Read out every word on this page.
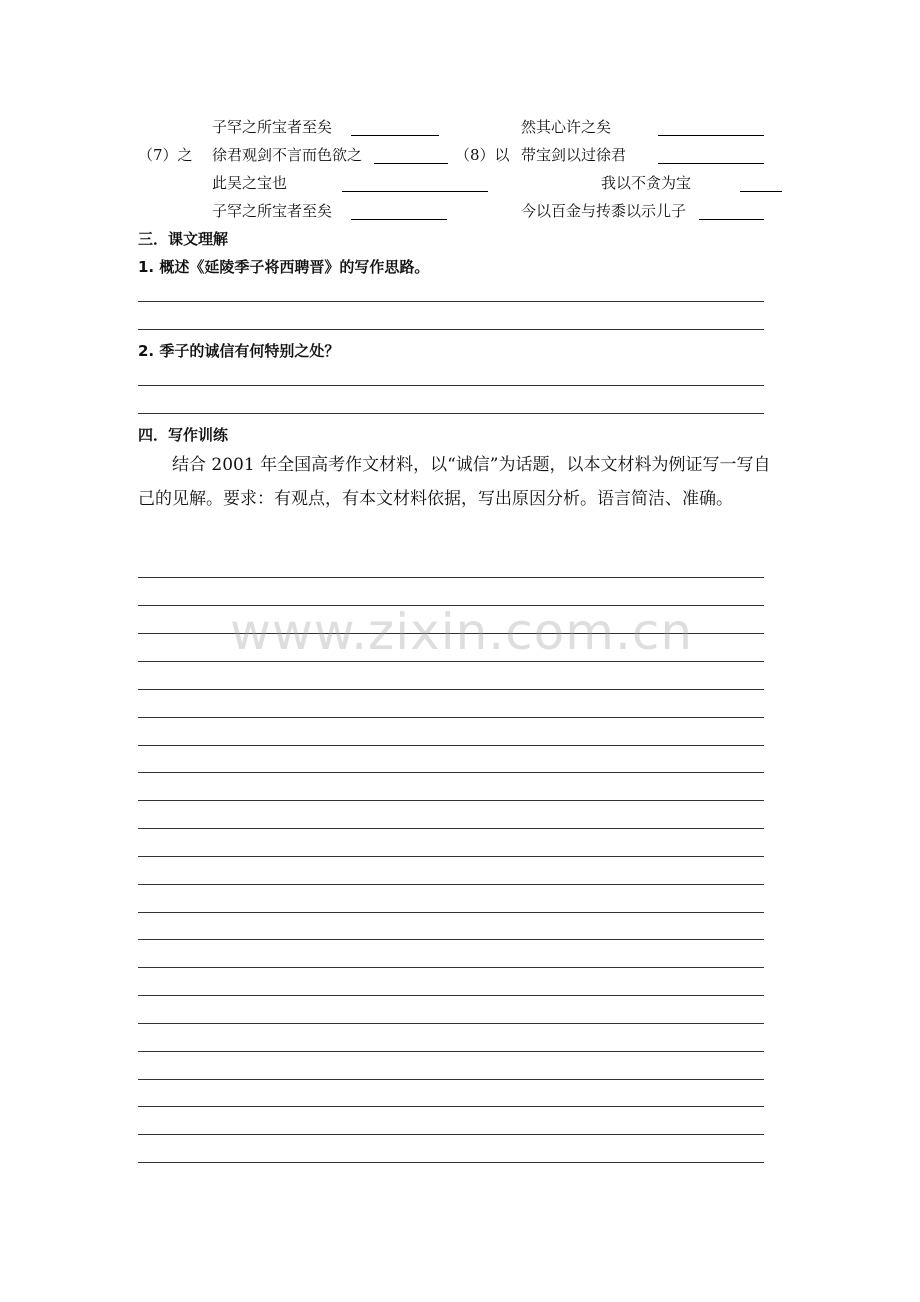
子罕之所宝者至矣
（7）之 徐君观剑不言而色欲之
此吴之宝也
子罕之所宝者至矣
（8）以
然其心许之矣
带宝剑以过徐君
我以不贪为宝
今以百金与抟黍以示儿子
三．课文理解
1. 概述《延陵季子将西聘晋》的写作思路。
2. 季子的诚信有何特别之处？
四．写作训练
结合 2001 年全国高考作文材料，以“诚信”为话题，以本文材料为例证写一写自己的见解。要求：有观点，有本文材料依据，写出原因分析。语言简洁、准确。
www.zixin.com.cn
